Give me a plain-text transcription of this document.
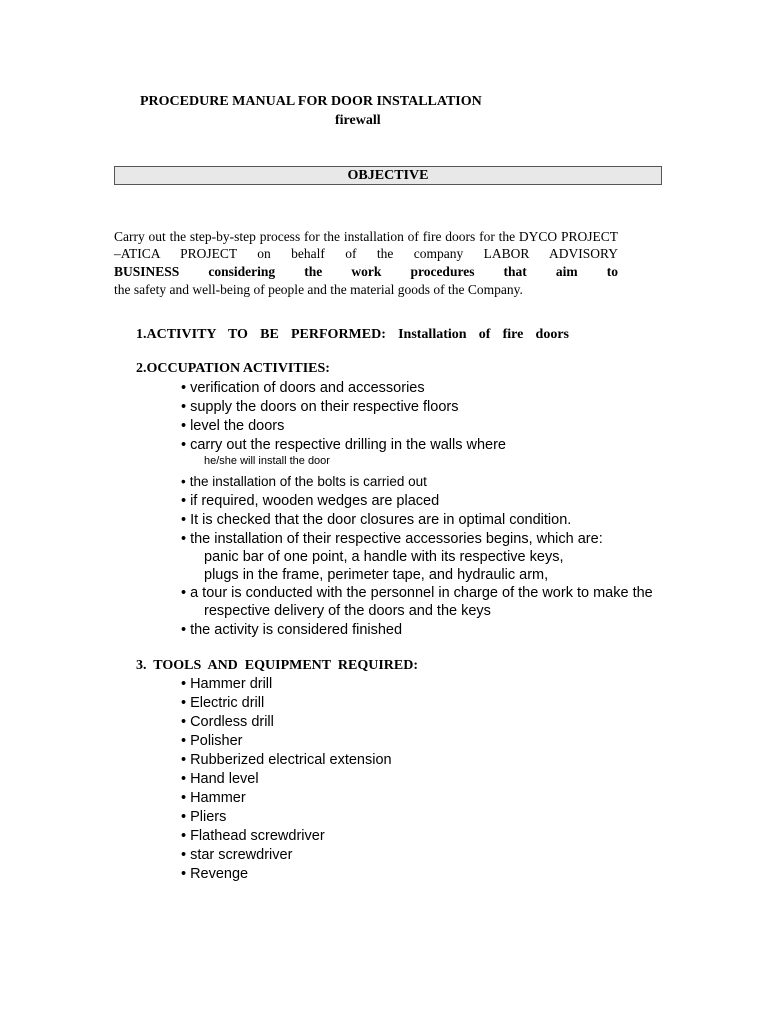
PROCEDURE MANUAL FOR DOOR INSTALLATION
firewall
OBJECTIVE
Carry out the step-by-step process for the installation of fire doors for the DYCO PROJECT
–ATICA PROJECT on behalf of the company LABOR ADVISORY
BUSINESS considering the work procedures that aim to
the safety and well-being of people and the material goods of the Company.
1.ACTIVITY TO BE PERFORMED: Installation of fire doors
2.OCCUPATION ACTIVITIES:
• verification of doors and accessories
• supply the doors on their respective floors
• level the doors
• carry out the respective drilling in the walls where
he/she will install the door
• the installation of the bolts is carried out
• if required, wooden wedges are placed
• It is checked that the door closures are in optimal condition.
• the installation of their respective accessories begins, which are:
panic bar of one point, a handle with its respective keys,
plugs in the frame, perimeter tape, and hydraulic arm,
• a tour is conducted with the personnel in charge of the work to make the
respective delivery of the doors and the keys
• the activity is considered finished
3.  TOOLS  AND  EQUIPMENT  REQUIRED:
• Hammer drill
• Electric drill
• Cordless drill
• Polisher
• Rubberized electrical extension
• Hand level
• Hammer
• Pliers
• Flathead screwdriver
• star screwdriver
• Revenge
